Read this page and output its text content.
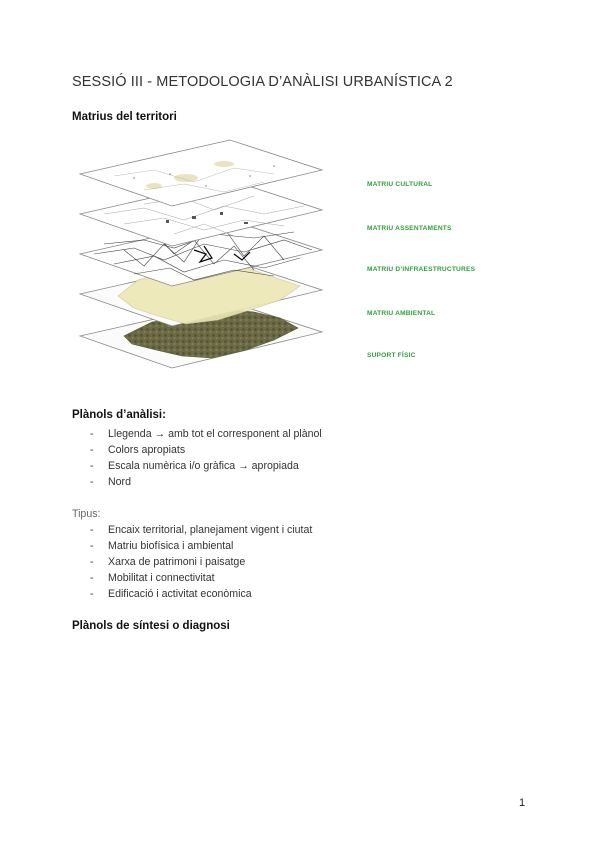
SESSIÓ III - METODOLOGIA D’ANÀLISI URBANÍSTICA 2
Matrius del territori
MATRIU CULTURAL
MATRIU ASSENTAMENTS
MATRIU D’INFRAESTRUCTURES
MATRIU AMBIENTAL
SUPORT FÍSIC
Plànols d’anàlisi:
- Llegenda → amb tot el corresponent al plànol
- Colors apropiats
- Escala numèrica i/o gràfica → apropiada
- Nord
Tipus:
- Encaix territorial, planejament vigent i ciutat
- Matriu biofísica i ambiental
- Xarxa de patrimoni i paisatge
- Mobilitat i connectivitat
- Edificació i activitat econòmica
Plànols de síntesi o diagnosi
1
